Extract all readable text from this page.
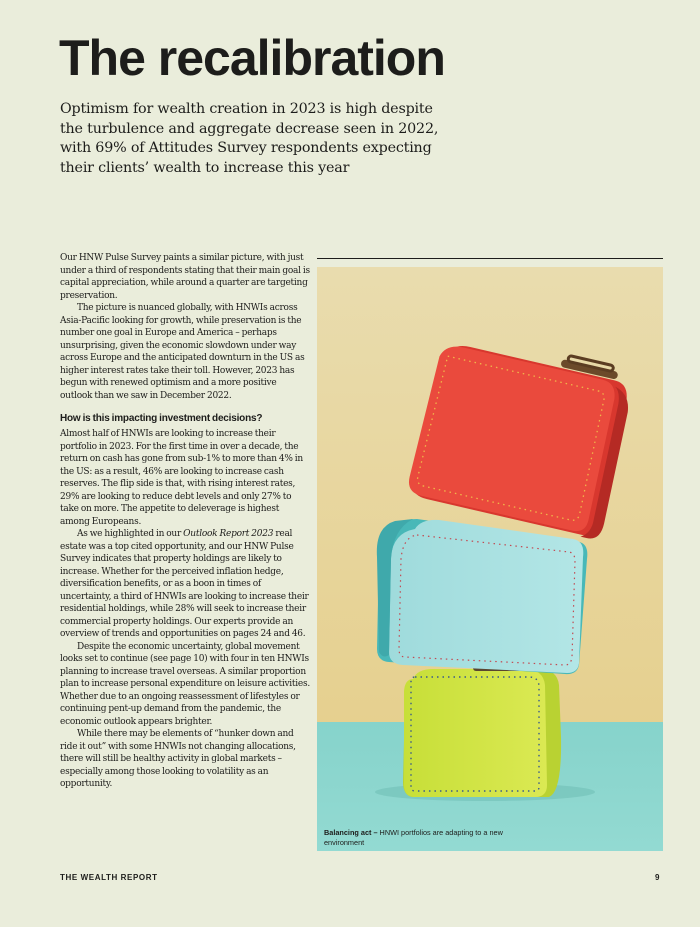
The recalibration

Optimism for wealth creation in 2023 is high despite the turbulence and aggregate decrease seen in 2022, with 69% of Attitudes Survey respondents expecting their clients’ wealth to increase this year

Our HNW Pulse Survey paints a similar picture, with just under a third of respondents stating that their main goal is capital appreciation, while around a quarter are targeting preservation.

The picture is nuanced globally, with HNWIs across Asia-Pacific looking for growth, while preservation is the number one goal in Europe and America – perhaps unsurprising, given the economic slowdown under way across Europe and the anticipated downturn in the US as higher interest rates take their toll. However, 2023 has begun with renewed optimism and a more positive outlook than we saw in December 2022.

How is this impacting investment decisions?

Almost half of HNWIs are looking to increase their portfolio in 2023. For the first time in over a decade, the return on cash has gone from sub-1% to more than 4% in the US: as a result, 46% are looking to increase cash reserves. The flip side is that, with rising interest rates, 29% are looking to reduce debt levels and only 27% to take on more. The appetite to deleverage is highest among Europeans.

As we highlighted in our Outlook Report 2023 real estate was a top cited opportunity, and our HNW Pulse Survey indicates that property holdings are likely to increase. Whether for the perceived inflation hedge, diversification benefits, or as a boon in times of uncertainty, a third of HNWIs are looking to increase their residential holdings, while 28% will seek to increase their commercial property holdings. Our experts provide an overview of trends and opportunities on pages 24 and 46.

Despite the economic uncertainty, global movement looks set to continue (see page 10) with four in ten HNWIs planning to increase travel overseas. A similar proportion plan to increase personal expenditure on leisure activities. Whether due to an ongoing reassessment of lifestyles or continuing pent-up demand from the pandemic, the economic outlook appears brighter.

While there may be elements of “hunker down and ride it out” with some HNWIs not changing allocations, there will still be healthy activity in global markets – especially among those looking to volatility as an opportunity.

Balancing act – HNWI portfolios are adapting to a new environment
THE WEALTH REPORT	9
